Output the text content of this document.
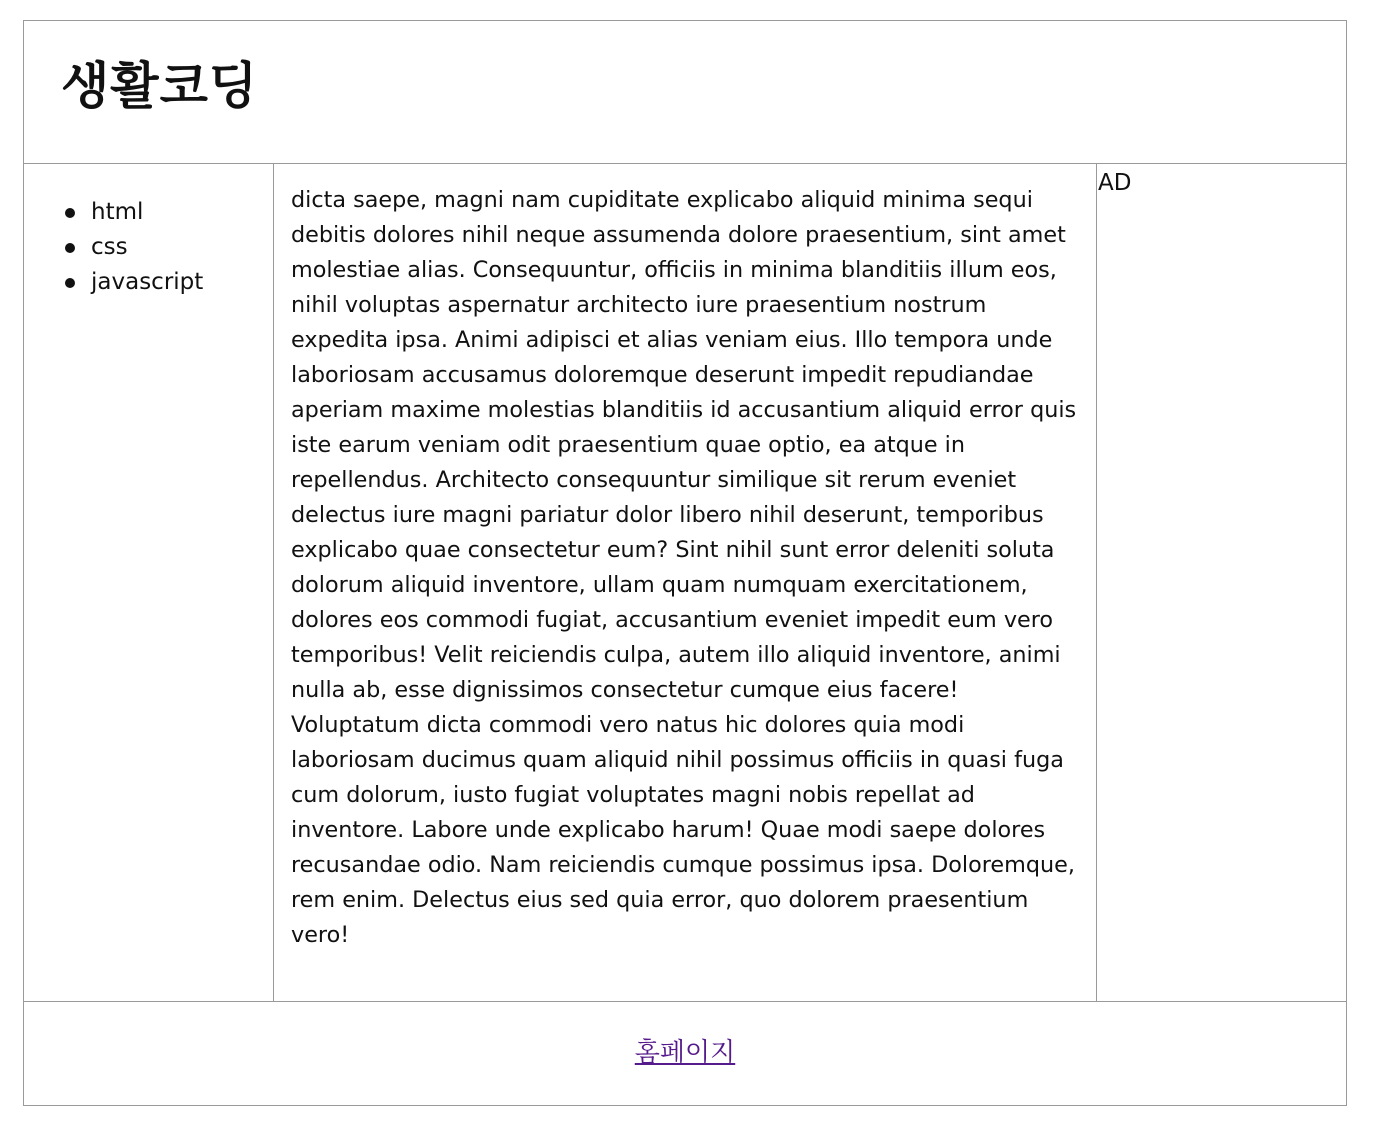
생활코딩
html
css
javascript

dicta saepe, magni nam cupiditate explicabo aliquid minima sequi debitis dolores nihil neque assumenda dolore praesentium, sint amet molestiae alias. Consequuntur, officiis in minima blanditiis illum eos, nihil voluptas aspernatur architecto iure praesentium nostrum expedita ipsa. Animi adipisci et alias veniam eius. Illo tempora unde laboriosam accusamus doloremque deserunt impedit repudiandae aperiam maxime molestias blanditiis id accusantium aliquid error quis iste earum veniam odit praesentium quae optio, ea atque in repellendus. Architecto consequuntur similique sit rerum eveniet delectus iure magni pariatur dolor libero nihil deserunt, temporibus explicabo quae consectetur eum? Sint nihil sunt error deleniti soluta dolorum aliquid inventore, ullam quam numquam exercitationem, dolores eos commodi fugiat, accusantium eveniet impedit eum vero temporibus! Velit reiciendis culpa, autem illo aliquid inventore, animi nulla ab, esse dignissimos consectetur cumque eius facere! Voluptatum dicta commodi vero natus hic dolores quia modi laboriosam ducimus quam aliquid nihil possimus officiis in quasi fuga cum dolorum, iusto fugiat voluptates magni nobis repellat ad inventore. Labore unde explicabo harum! Quae modi saepe dolores recusandae odio. Nam reiciendis cumque possimus ipsa. Doloremque, rem enim. Delectus eius sed quia error, quo dolorem praesentium vero!

AD
홈페이지
